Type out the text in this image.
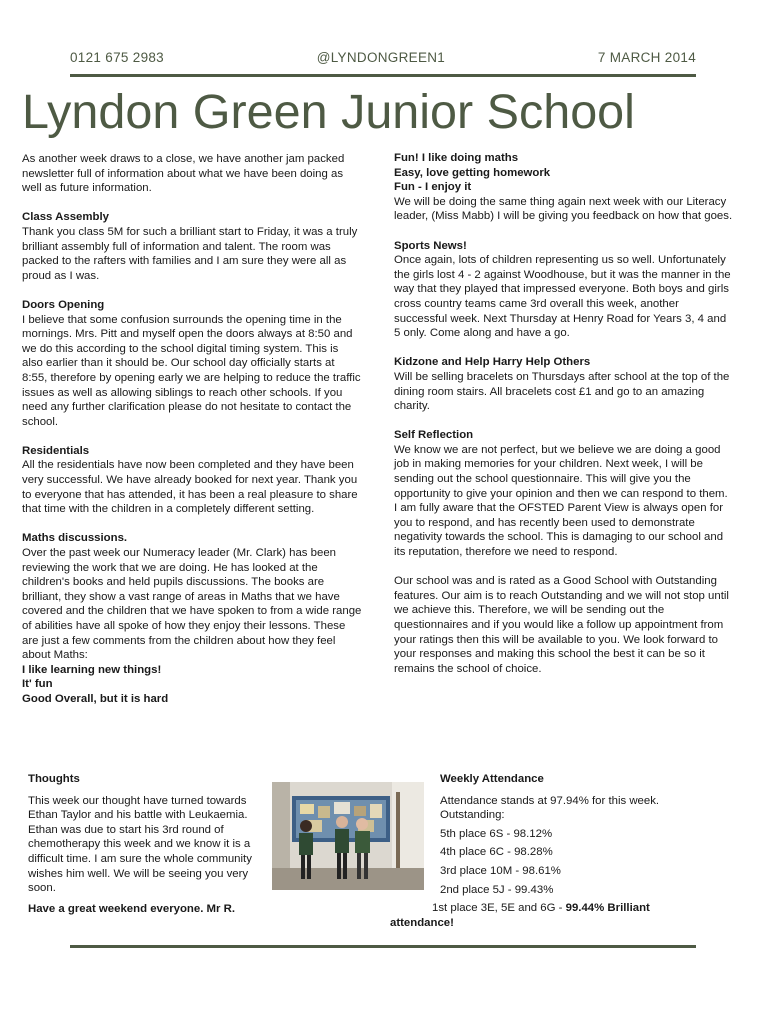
0121 675 2983	@LYNDONGREEN1	7 MARCH 2014
Lyndon Green Junior School

As another week draws to a close, we have another jam packed newsletter full of information about what we have been doing as well as future information.

Class Assembly

Thank you class 5M for such a brilliant start to Friday, it was a truly brilliant assembly full of information and talent. The room was packed to the rafters with families and I am sure they were all as proud as I was.

Doors Opening

I believe that some confusion surrounds the opening time in the mornings. Mrs. Pitt and myself open the doors always at 8:50 and we do this according to the school digital timing system. This is also earlier than it should be. Our school day officially starts at 8:55, therefore by opening early we are helping to reduce the traffic issues as well as allowing siblings to reach other schools. If you need any further clarification please do not hesitate to contact the school.

Residentials

All the residentials have now been completed and they have been very successful. We have already booked for next year. Thank you to everyone that has attended, it has been a real pleasure to share that time with the children in a completely different setting.

Maths discussions.

Over the past week our Numeracy leader (Mr. Clark) has been reviewing the work that we are doing. He has looked at the children's books and held pupils discussions. The books are brilliant, they show a vast range of areas in Maths that we have covered and the children that we have spoken to from a wide range of abilities have all spoke of how they enjoy their lessons. These are just a few comments from the children about how they feel about Maths:

I like learning new things!

It' fun

Good Overall, but it is hard

Fun! I like doing maths

Easy, love getting homework

Fun - I enjoy it

We will be doing the same thing again next week with our Literacy leader, (Miss Mabb) I will be giving you feedback on how that goes.

Sports News!

Once again, lots of children representing us so well. Unfortunately the girls lost 4 - 2 against Woodhouse, but it was the manner in the way that they played that impressed everyone. Both boys and girls cross country teams came 3rd overall this week, another successful week. Next Thursday at Henry Road for Years 3, 4 and 5 only. Come along and have a go.

Kidzone and Help Harry Help Others

Will be selling bracelets on Thursdays after school at the top of the dining room stairs. All bracelets cost £1 and go to an amazing charity.

Self Reflection

We know we are not perfect, but we believe we are doing a good job in making memories for your children. Next week, I will be sending out the school questionnaire. This will give you the opportunity to give your opinion and then we can respond to them. I am fully aware that the OFSTED Parent View is always open for you to respond, and has recently been used to demonstrate negativity towards the school. This is damaging to our school and its reputation, therefore we need to respond.

Our school was and is rated as a Good School with Outstanding features. Our aim is to reach Outstanding and we will not stop until we achieve this. Therefore, we will be sending out the questionnaires and if you would like a follow up appointment from your ratings then this will be available to you. We look forward to your responses and making this school the best it can be so it remains the school of choice.

Thoughts

This week our thought have turned towards Ethan Taylor and his battle with Leukaemia. Ethan was due to start his 3rd round of chemotherapy this week and we know it is a difficult time. I am sure the whole community wishes him well. We will be seeing you very soon.

Have a great weekend everyone. Mr R.

Weekly Attendance

Attendance stands at 97.94% for this week. Outstanding:

5th place 6S - 98.12%

4th place 6C - 98.28%

3rd place 10M - 98.61%

2nd place 5J - 99.43%

1st place 3E, 5E and 6G - 99.44% Brilliant attendance!
